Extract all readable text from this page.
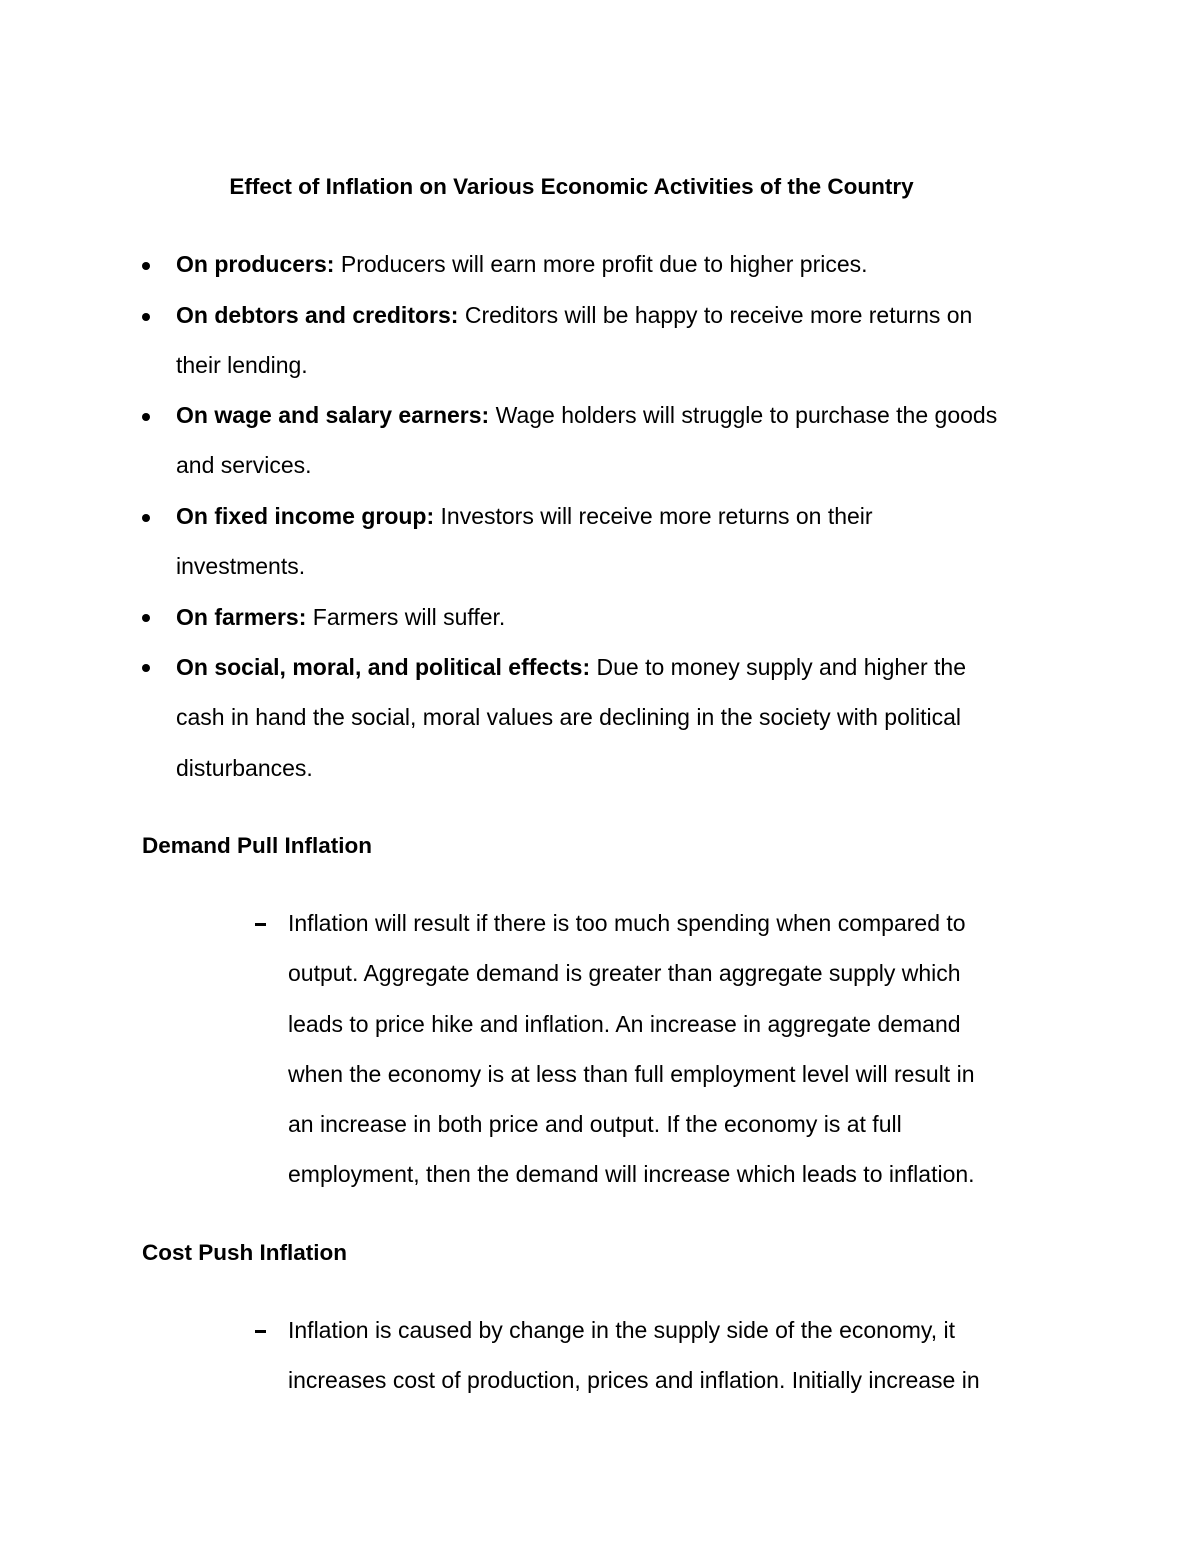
Effect of Inflation on Various Economic Activities of the Country
On producers: Producers will earn more profit due to higher prices.
On debtors and creditors: Creditors will be happy to receive more returns on
their lending.
On wage and salary earners: Wage holders will struggle to purchase the goods
and services.
On fixed income group: Investors will receive more returns on their
investments.
On farmers: Farmers will suffer.
On social, moral, and political effects: Due to money supply and higher the
cash in hand the social, moral values are declining in the society with political
disturbances.
Demand Pull Inflation
Inflation will result if there is too much spending when compared to
output. Aggregate demand is greater than aggregate supply which
leads to price hike and inflation. An increase in aggregate demand
when the economy is at less than full employment level will result in
an increase in both price and output. If the economy is at full
employment, then the demand will increase which leads to inflation.
Cost Push Inflation
Inflation is caused by change in the supply side of the economy, it
increases cost of production, prices and inflation. Initially increase in
